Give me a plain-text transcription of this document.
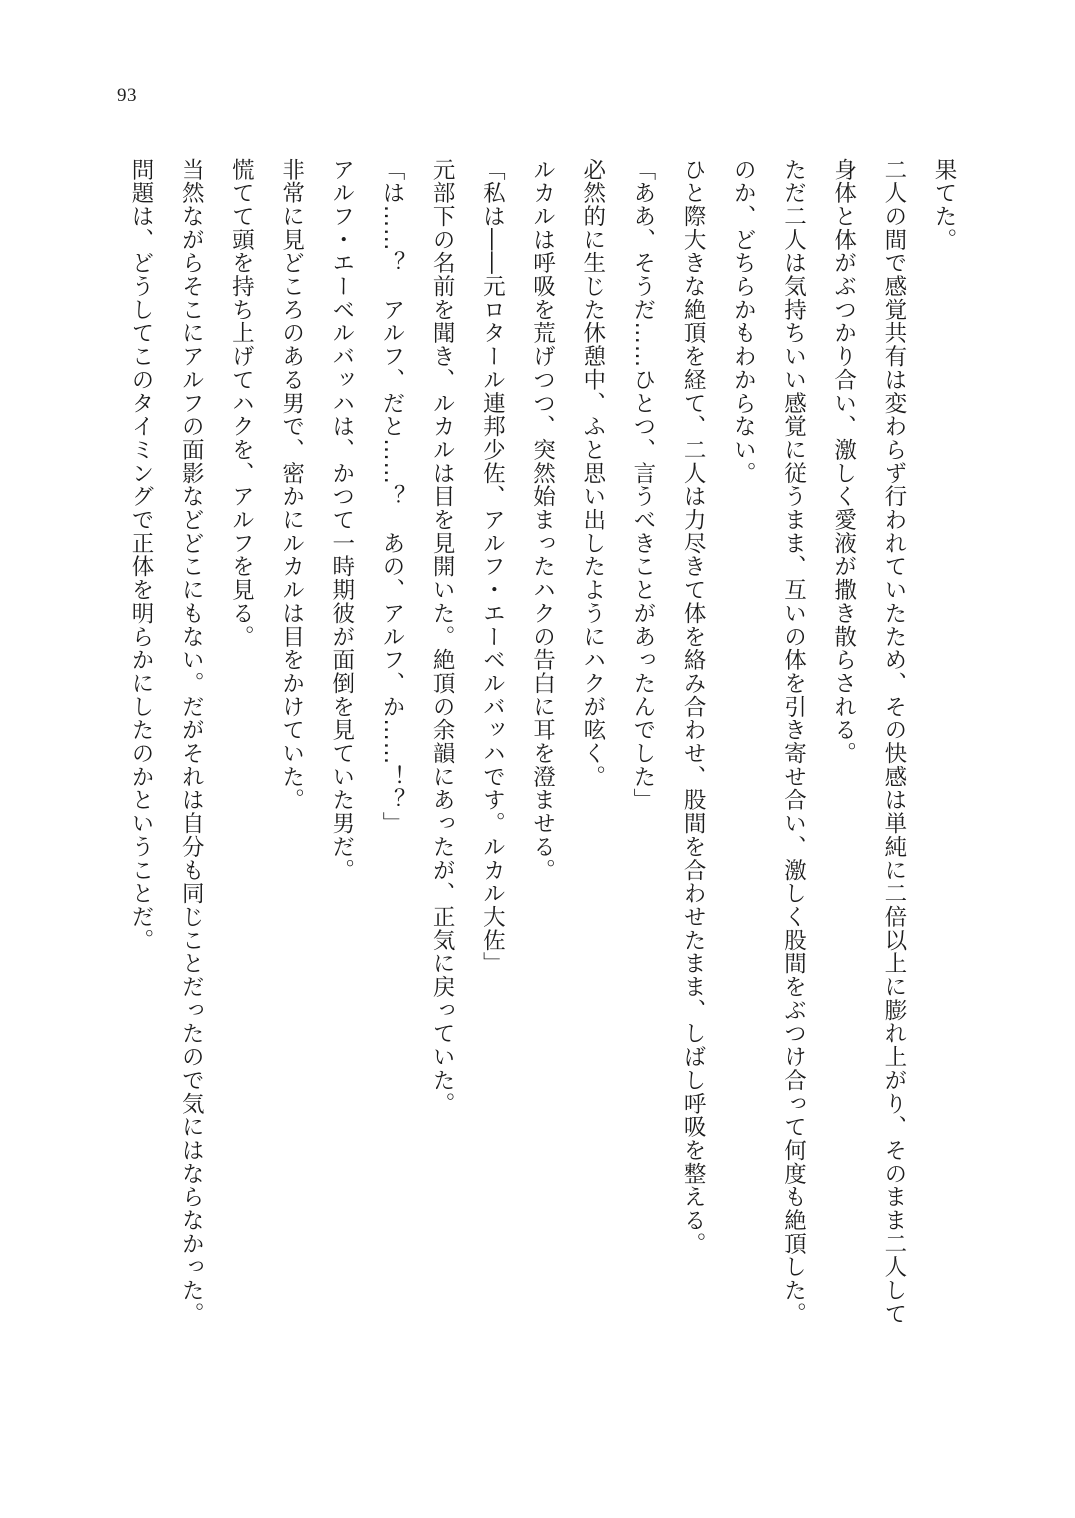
93
果てた。
二人の間で感覚共有は変わらず行われていたため、その快感は単純に二倍以上に膨れ上がり、そのまま二人して
身体と体がぶつかり合い、激しく愛液が撒き散らされる。
ただ二人は気持ちいい感覚に従うまま、互いの体を引き寄せ合い、激しく股間をぶつけ合って何度も絶頂した。
のか、どちらかもわからない。
ひと際大きな絶頂を経て、二人は力尽きて体を絡み合わせ、股間を合わせたまま、しばし呼吸を整える。
「ああ、そうだ……ひとつ、言うべきことがあったんでした」
必然的に生じた休憩中、ふと思い出したようにハクが呟く。
ルカルは呼吸を荒げつつ、突然始まったハクの告白に耳を澄ませる。
「私は――元ロタール連邦少佐、アルフ・エーベルバッハです。ルカル大佐」
元部下の名前を聞き、ルカルは目を見開いた。絶頂の余韻にあったが、正気に戻っていた。
「は……？　アルフ、だと……？　あの、アルフ、か……！？」
アルフ・エーベルバッハは、かつて一時期彼が面倒を見ていた男だ。
非常に見どころのある男で、密かにルカルは目をかけていた。
慌てて頭を持ち上げてハクを、アルフを見る。
当然ながらそこにアルフの面影などどこにもない。だがそれは自分も同じことだったので気にはならなかった。
問題は、どうしてこのタイミングで正体を明らかにしたのかということだ。
